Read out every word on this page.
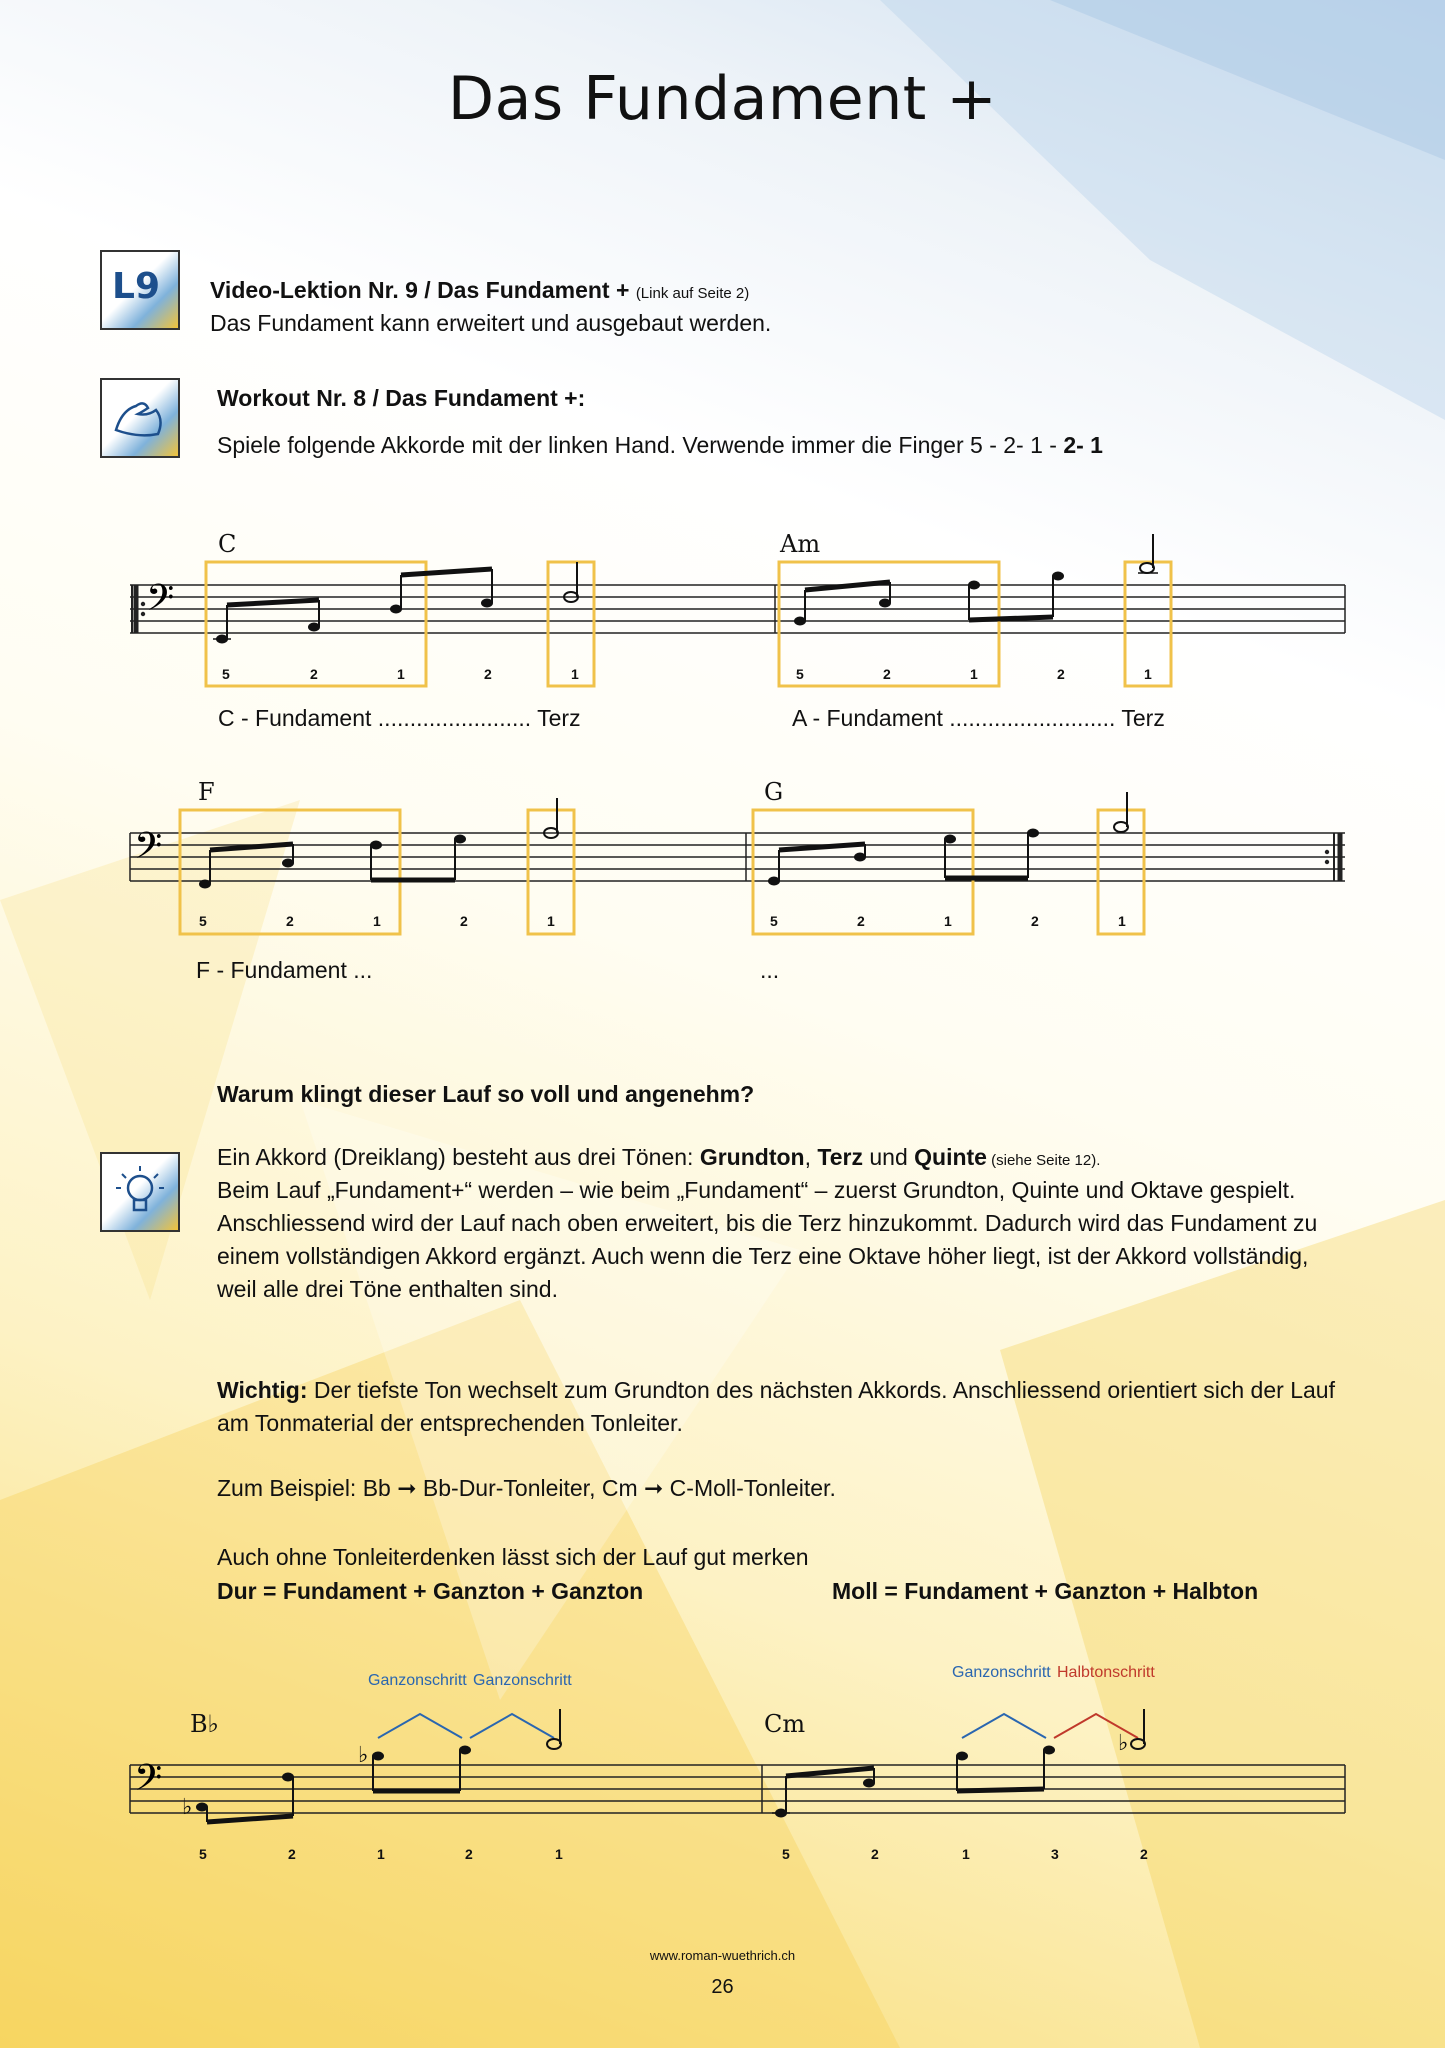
Das Fundament +
L9 Video-Lektion Nr. 9 / Das Fundament + (Link auf Seite 2)
Das Fundament kann erweitert und ausgebaut werden.
Workout Nr. 8 / Das Fundament +:
Spiele folgende Akkorde mit der linken Hand. Verwende immer die Finger 5 - 2- 1 - 2- 1
𝄢
C	Am
5	2	1	2	1	5	2	1	2	1
C - Fundament ........................ Terz	A - Fundament .......................... Terz
𝄢
F	G
5	2	1	2	1	5	2	1	2	1
F - Fundament ...	...
Warum klingt dieser Lauf so voll und angenehm?
Ein Akkord (Dreiklang) besteht aus drei Tönen: Grundton, Terz und Quinte (siehe Seite 12).
Beim Lauf „Fundament+“ werden – wie beim „Fundament“ – zuerst Grundton, Quinte und Oktave gespielt.
Anschliessend wird der Lauf nach oben erweitert, bis die Terz hinzukommt. Dadurch wird das Fundament zu
einem vollständigen Akkord ergänzt. Auch wenn die Terz eine Oktave höher liegt, ist der Akkord vollständig,
weil alle drei Töne enthalten sind.
Wichtig: Der tiefste Ton wechselt zum Grundton des nächsten Akkords. Anschliessend orientiert sich der Lauf
am Tonmaterial der entsprechenden Tonleiter.
Zum Beispiel: Bb ➞ Bb-Dur-Tonleiter, Cm ➞ C-Moll-Tonleiter.
Auch ohne Tonleiterdenken lässt sich der Lauf gut merken
Dur = Fundament + Ganzton + Ganzton	Moll = Fundament + Ganzton + Halbton
𝄢 ♭
♭	♭
B♭	Cm
Ganzonschritt Ganzonschritt	Ganzonschritt Halbtonschritt
5	2	1	2	1	5	2	1	3	2
www.roman-wuethrich.ch
26
